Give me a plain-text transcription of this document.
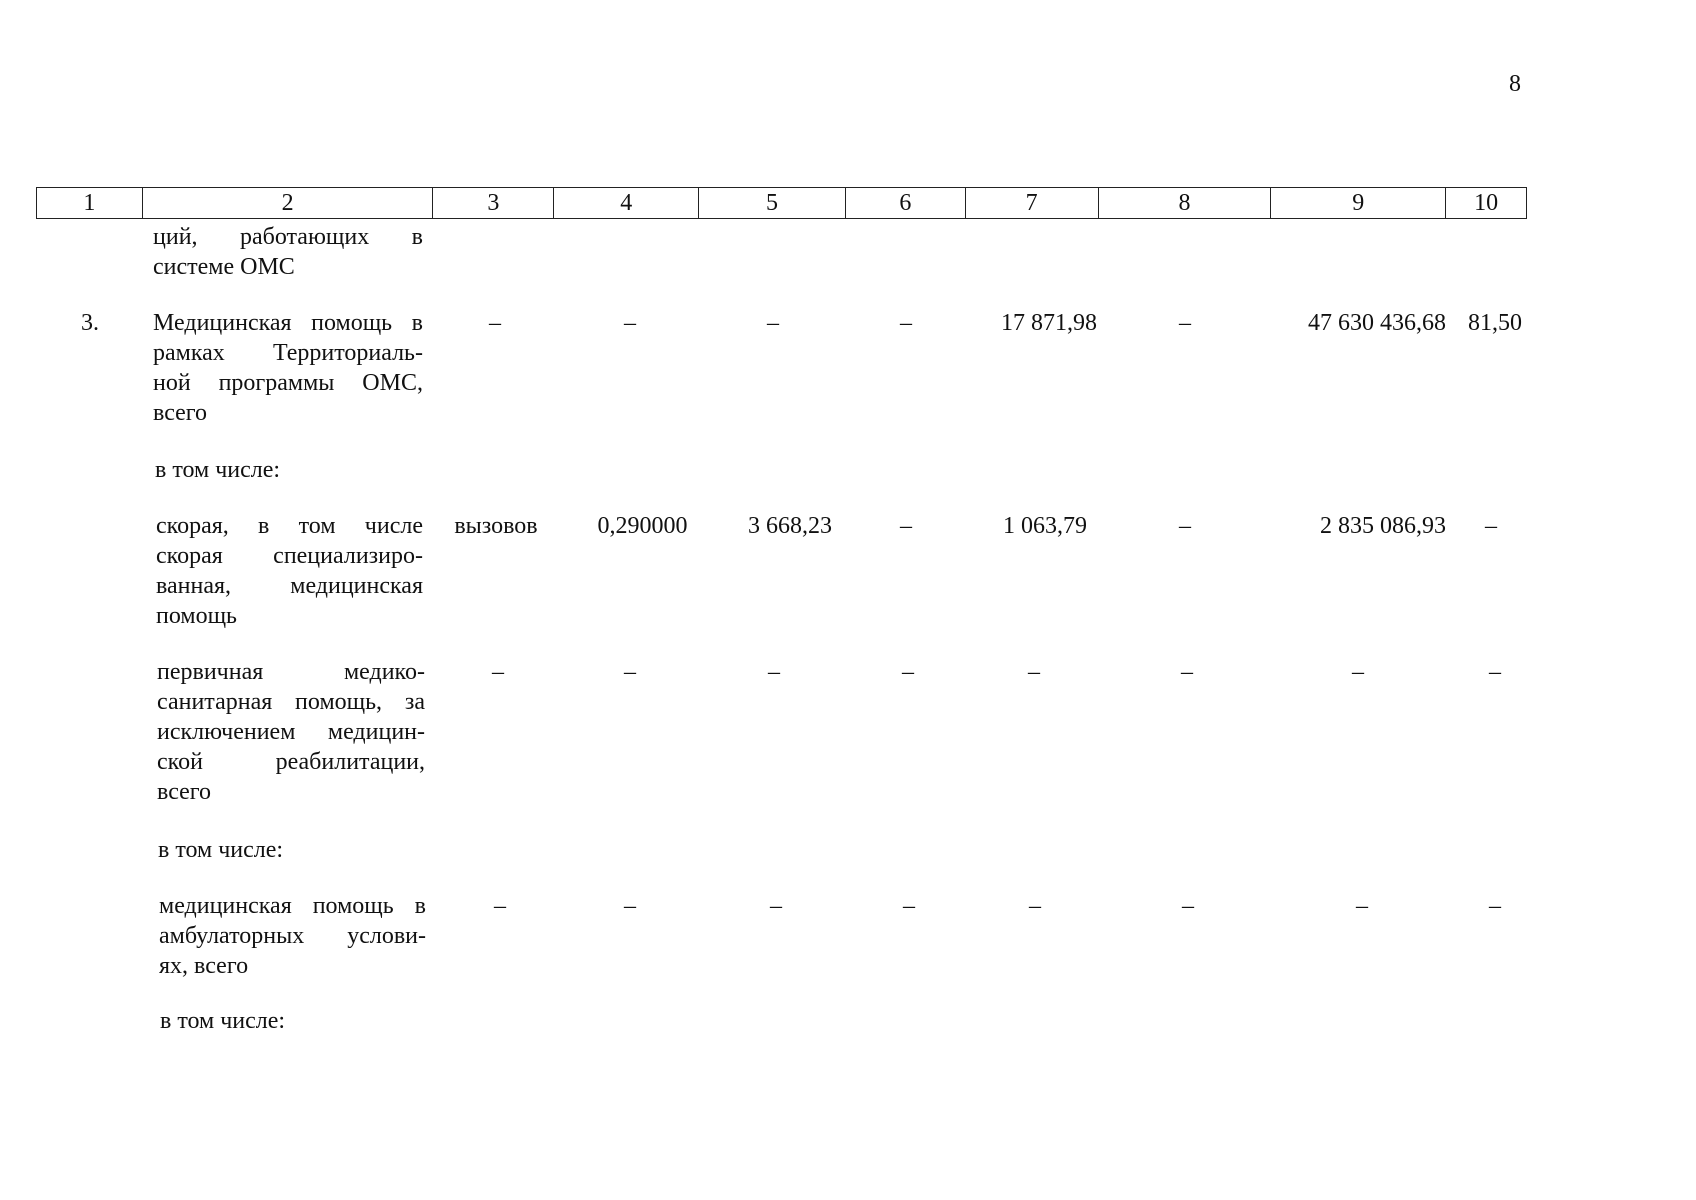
8
1	2	3	4	5	6	7	8	9	10
ций, работающих в
системе ОМС
3.	Медицинская помощь в
рамках Территориаль-
ной программы ОМС,
всего
–	–	–	–	17 871,98	–	47 630 436,68 81,50
в том числе:
скорая, в том числе
скорая специализиро-
ванная, медицинская
помощь
вызовов	0,290000	3 668,23	–	1 063,79	–	2 835 086,93	–
первичная медико-
санитарная помощь, за
исключением медицин-
ской реабилитации,
всего
–	–	–	–	–	–	–	–
в том числе:
медицинская помощь в
амбулаторных услови-
ях, всего
–	–	–	–	–	–	–	–
в том числе:
